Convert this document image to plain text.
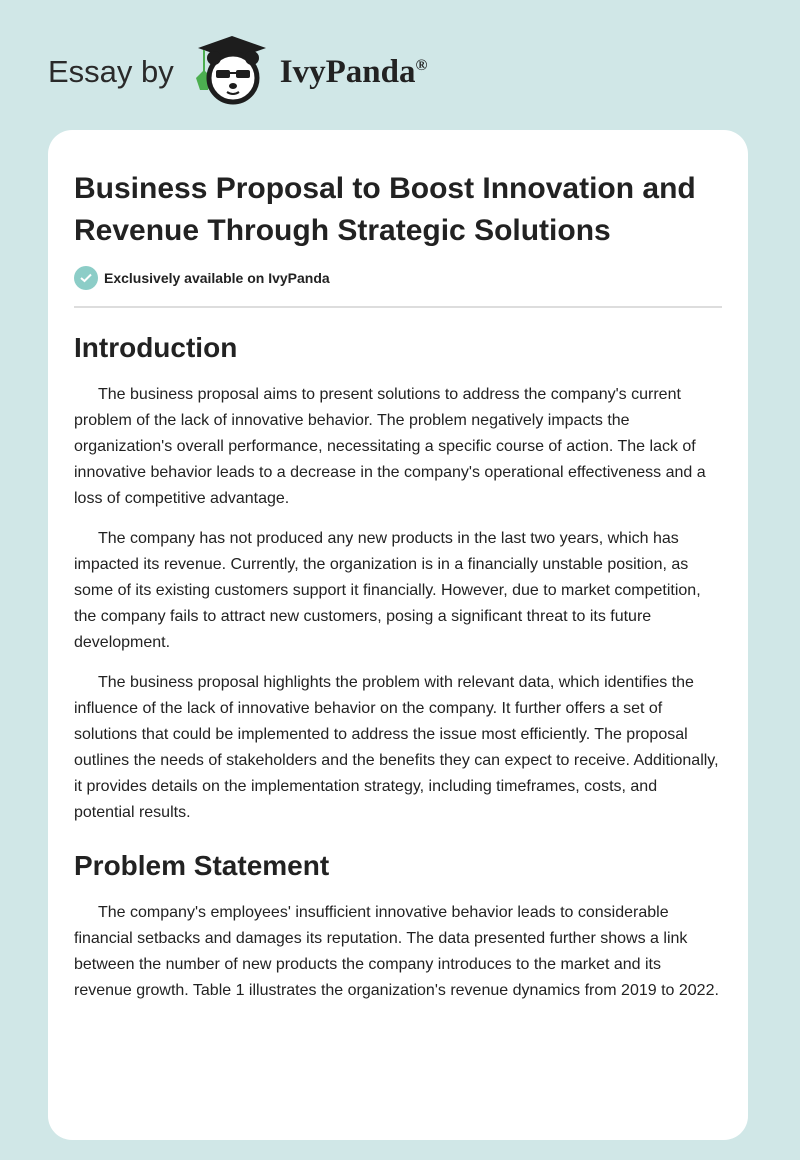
Essay by	IvyPanda®
Business Proposal to Boost Innovation and Revenue Through Strategic Solutions
Exclusively available on IvyPanda
Introduction

The business proposal aims to present solutions to address the company's current problem of the lack of innovative behavior. The problem negatively impacts the organization's overall performance, necessitating a specific course of action. The lack of innovative behavior leads to a decrease in the company's operational effectiveness and a loss of competitive advantage.

The company has not produced any new products in the last two years, which has impacted its revenue. Currently, the organization is in a financially unstable position, as some of its existing customers support it financially. However, due to market competition, the company fails to attract new customers, posing a significant threat to its future development.

The business proposal highlights the problem with relevant data, which identifies the influence of the lack of innovative behavior on the company. It further offers a set of solutions that could be implemented to address the issue most efficiently. The proposal outlines the needs of stakeholders and the benefits they can expect to receive. Additionally, it provides details on the implementation strategy, including timeframes, costs, and potential results.

Problem Statement

The company's employees' insufficient innovative behavior leads to considerable financial setbacks and damages its reputation. The data presented further shows a link between the number of new products the company introduces to the market and its revenue growth. Table 1 illustrates the organization's revenue dynamics from 2019 to 2022.
